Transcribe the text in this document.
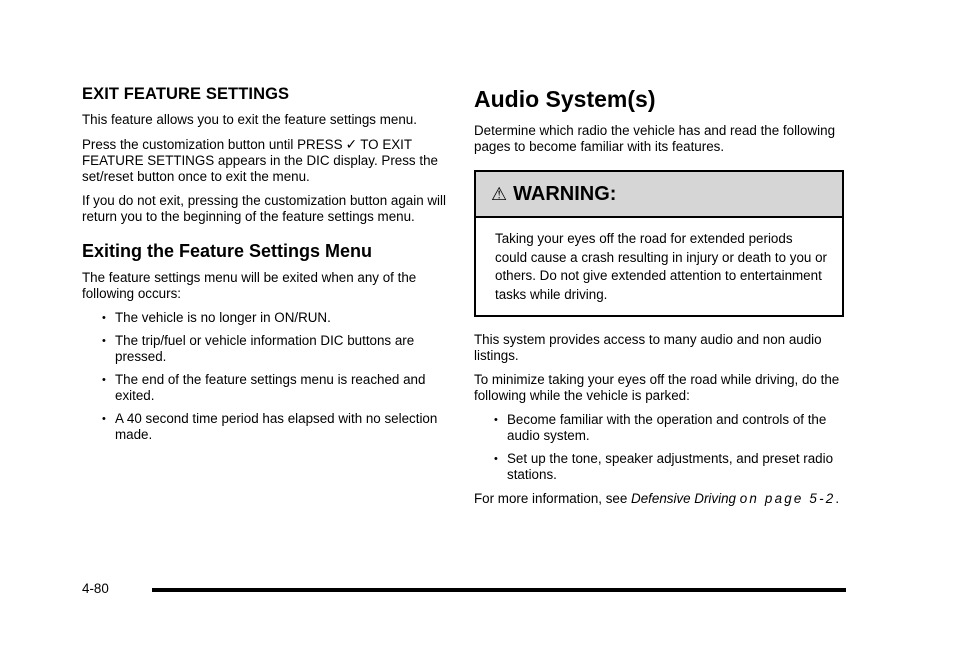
EXIT FEATURE SETTINGS

This feature allows you to exit the feature settings menu.

Press the customization button until PRESS ✓ TO EXIT FEATURE SETTINGS appears in the DIC display. Press the set/reset button once to exit the menu.

If you do not exit, pressing the customization button again will return you to the beginning of the feature settings menu.

Exiting the Feature Settings Menu

The feature settings menu will be exited when any of the following occurs:

• The vehicle is no longer in ON/RUN.
• The trip/fuel or vehicle information DIC buttons are pressed.
• The end of the feature settings menu is reached and exited.
• A 40 second time period has elapsed with no selection made.
Audio System(s)

Determine which radio the vehicle has and read the following pages to become familiar with its features.

⚠ WARNING:
Taking your eyes off the road for extended periods could cause a crash resulting in injury or death to you or others. Do not give extended attention to entertainment tasks while driving.

This system provides access to many audio and non audio listings.

To minimize taking your eyes off the road while driving, do the following while the vehicle is parked:

• Become familiar with the operation and controls of the audio system.
• Set up the tone, speaker adjustments, and preset radio stations.

For more information, see Defensive Driving on page 5-2.

4-80
